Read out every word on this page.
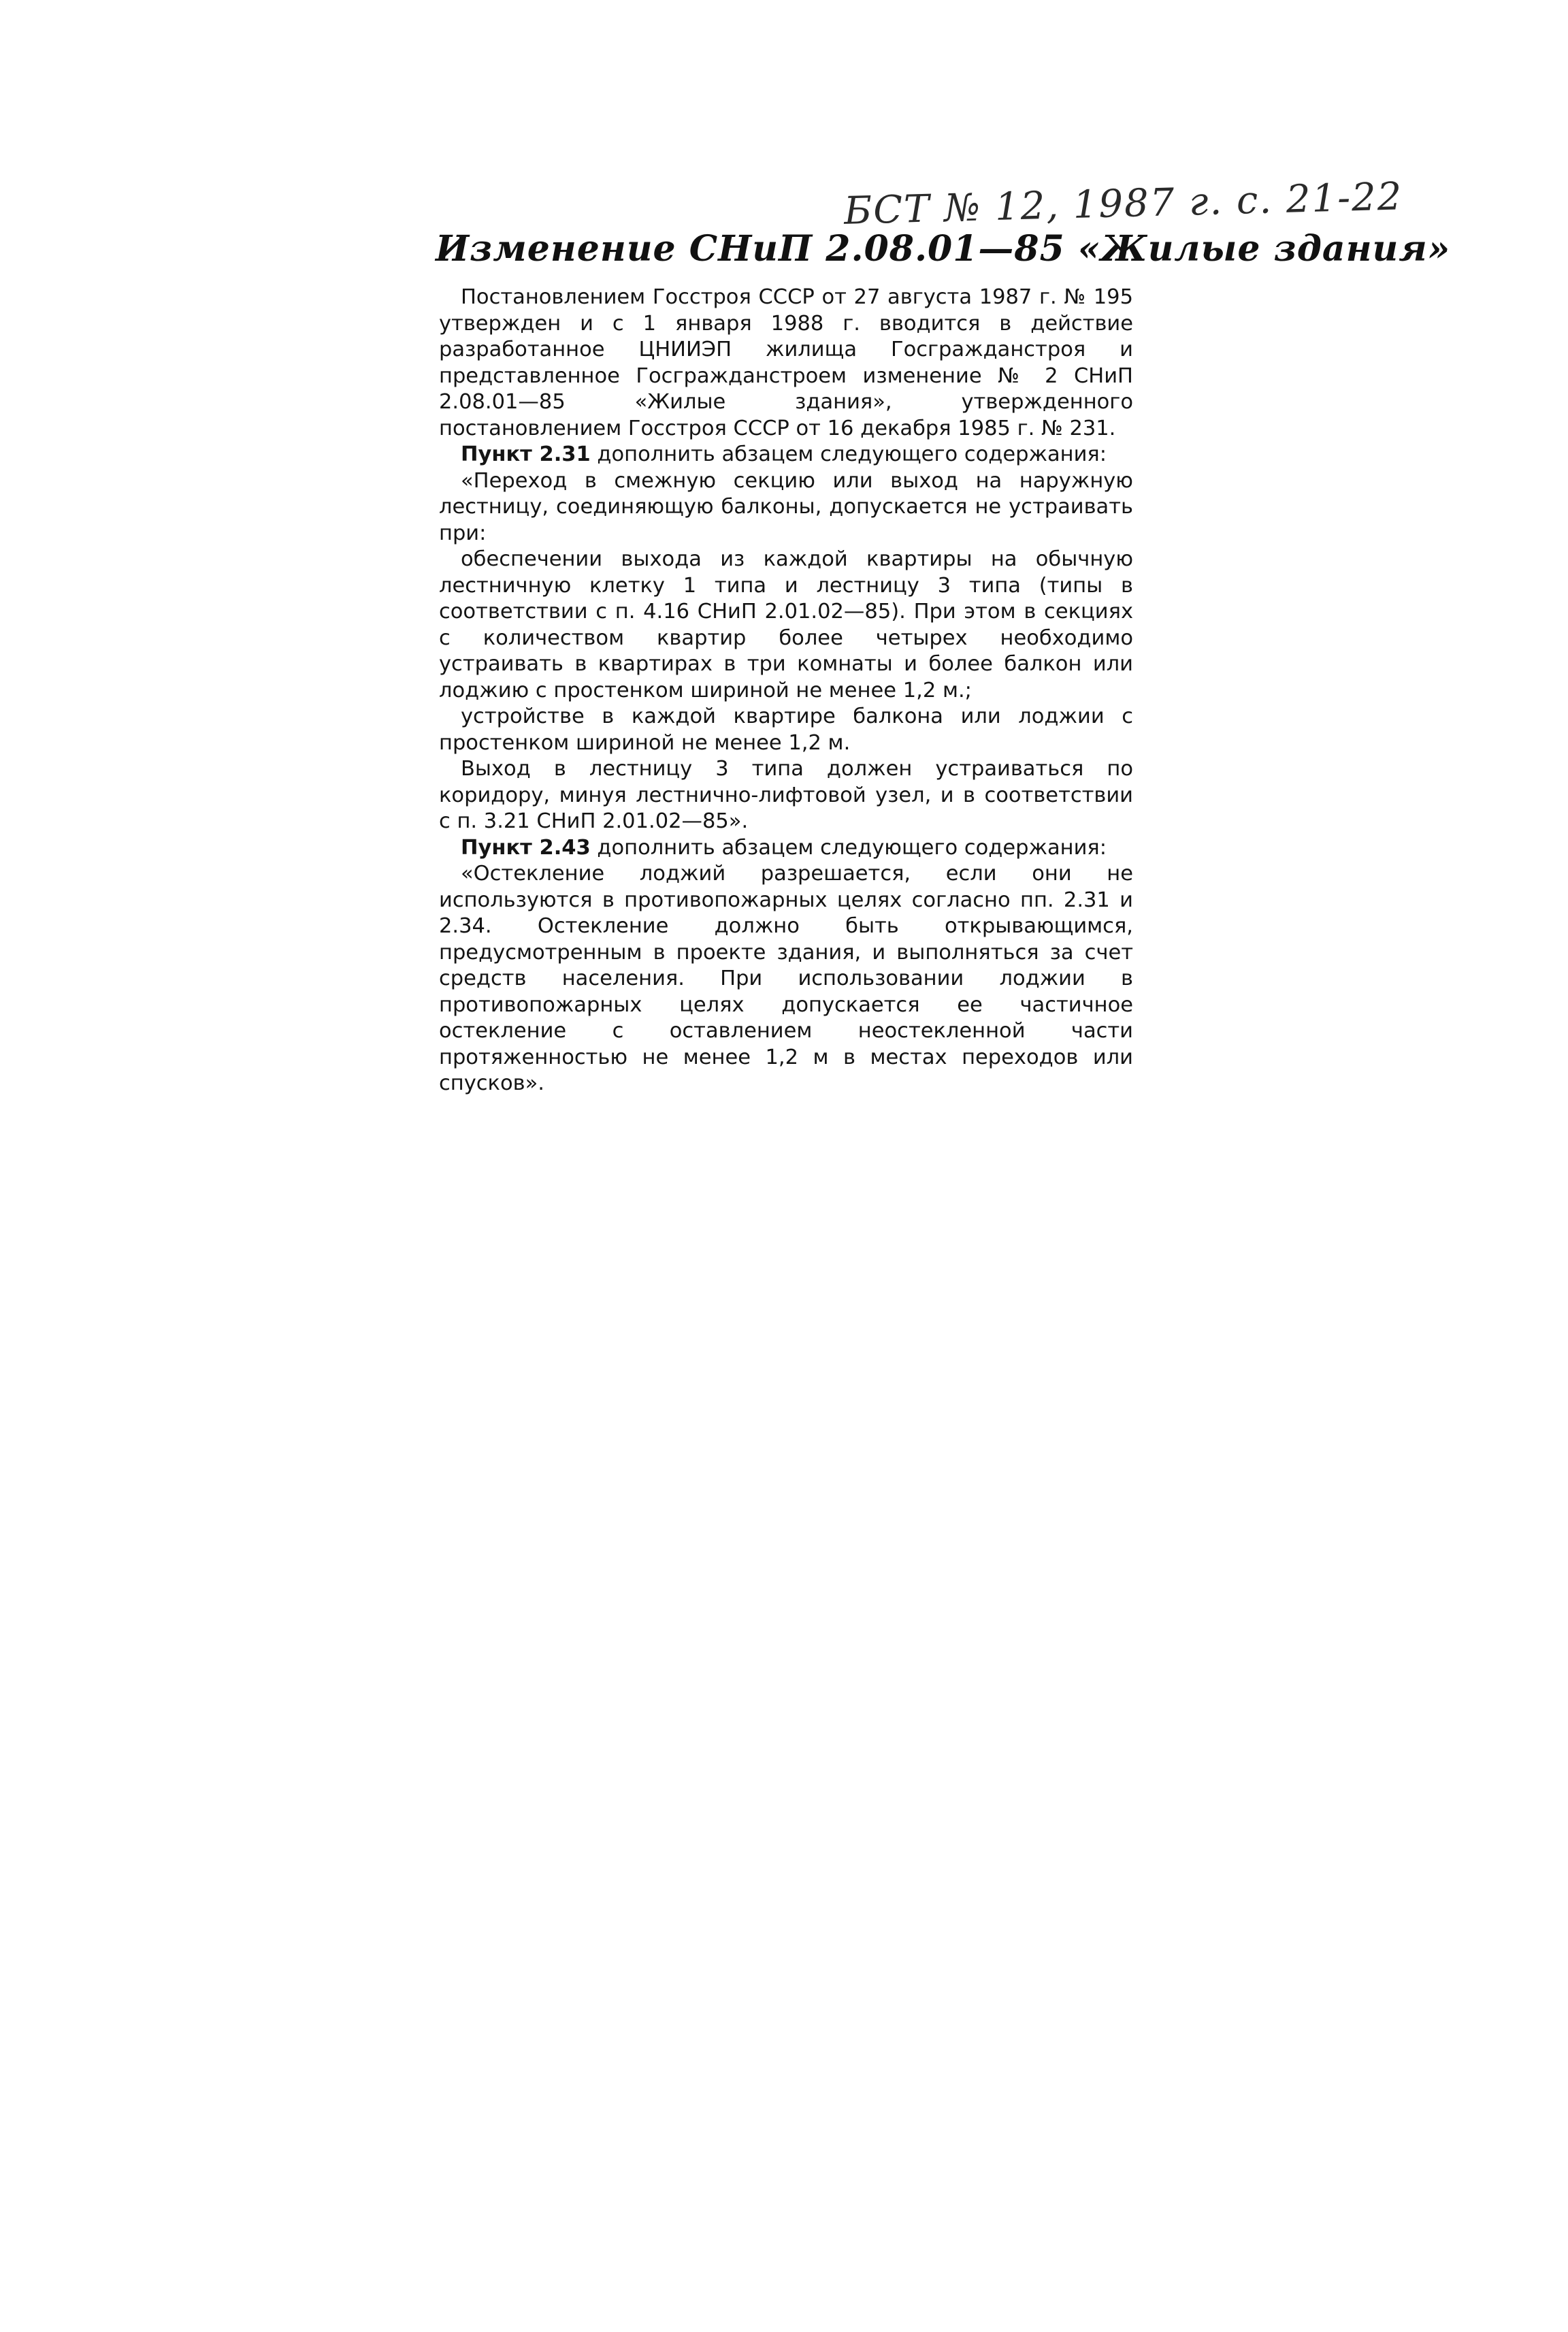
БСТ № 12, 1987 г. с. 21-22
Изменение СНиП 2.08.01—85 «Жилые здания»

Постановлением Госстроя СССР от 27 августа 1987 г. № 195 утвержден и с 1 января 1988 г. вводится в действие разработанное ЦНИИЭП жилища Госгражданстроя и представленное Госгражданстроем изменение № 2 СНиП 2.08.01—85 «Жилые здания», утвержденного постановлением Госстроя СССР от 16 декабря 1985 г. № 231.

Пункт 2.31 дополнить абзацем следующего содержания:

«Переход в смежную секцию или выход на наружную лестницу, соединяющую балконы, допускается не устраивать при:

обеспечении выхода из каждой квартиры на обычную лестничную клетку 1 типа и лестницу 3 типа (типы в соответствии с п. 4.16 СНиП 2.01.02—85). При этом в секциях с количеством квартир более четырех необходимо устраивать в квартирах в три комнаты и более балкон или лоджию с простенком шириной не менее 1,2 м.;

устройстве в каждой квартире балкона или лоджии с простенком шириной не менее 1,2 м.

Выход в лестницу 3 типа должен устраиваться по коридору, минуя лестнично-лифтовой узел, и в соответствии с п. 3.21 СНиП 2.01.02—85».

Пункт 2.43 дополнить абзацем следующего содержания:

«Остекление лоджий разрешается, если они не используются в противопожарных целях согласно пп. 2.31 и 2.34. Остекление должно быть открывающимся, предусмотренным в проекте здания, и выполняться за счет средств населения. При использовании лоджии в противопожарных целях допускается ее частичное остекление с оставлением неостекленной части протяженностью не менее 1,2 м в местах переходов или спусков».
